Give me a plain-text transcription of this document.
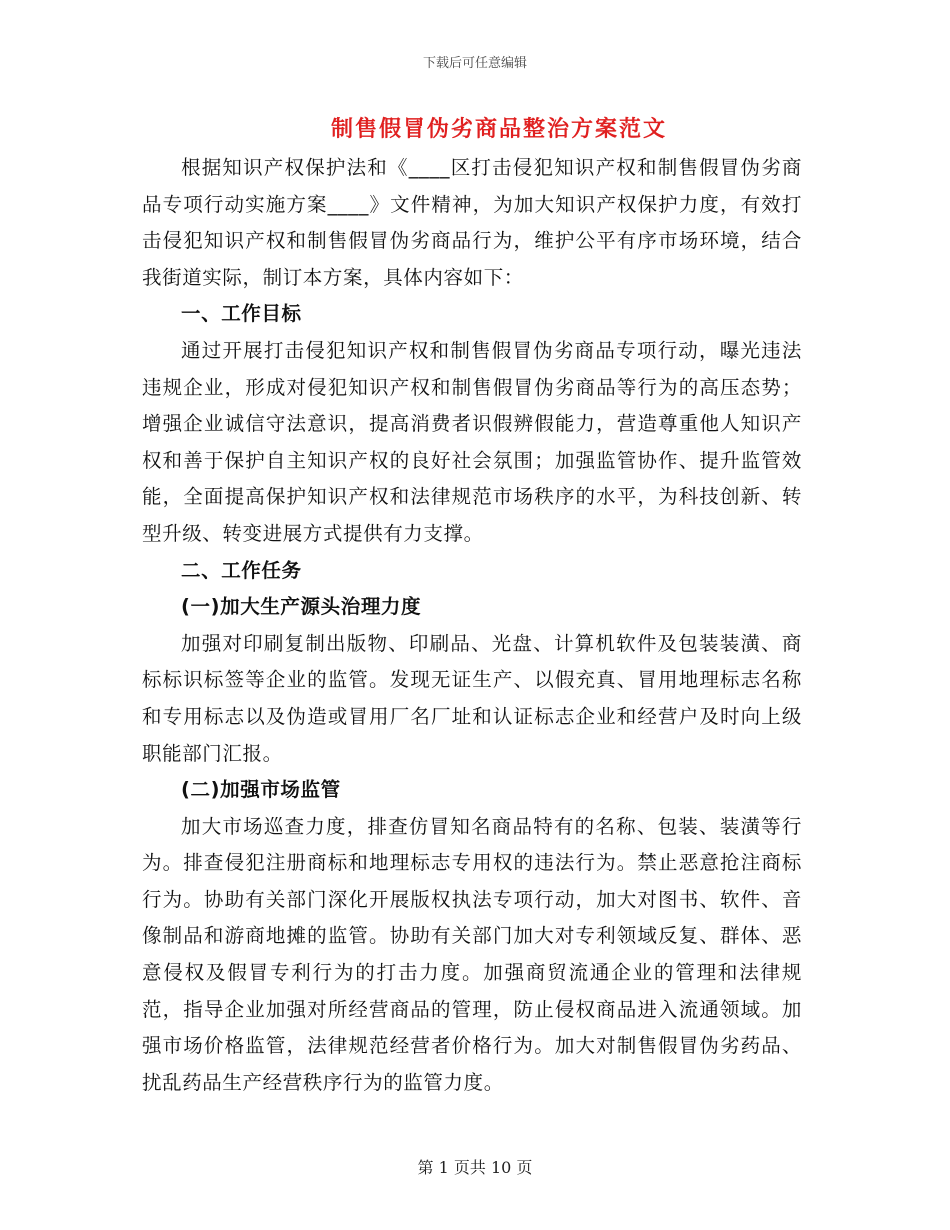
下载后可任意编辑
制售假冒伪劣商品整治方案范文

根据知识产权保护法和《____区打击侵犯知识产权和制售假冒伪劣商品专项行动实施方案____》文件精神，为加大知识产权保护力度，有效打击侵犯知识产权和制售假冒伪劣商品行为，维护公平有序市场环境，结合我街道实际，制订本方案，具体内容如下：

一、工作目标

通过开展打击侵犯知识产权和制售假冒伪劣商品专项行动，曝光违法违规企业，形成对侵犯知识产权和制售假冒伪劣商品等行为的高压态势；增强企业诚信守法意识，提高消费者识假辨假能力，营造尊重他人知识产权和善于保护自主知识产权的良好社会氛围；加强监管协作、提升监管效能，全面提高保护知识产权和法律规范市场秩序的水平，为科技创新、转型升级、转变进展方式提供有力支撑。

二、工作任务

(一)加大生产源头治理力度

加强对印刷复制出版物、印刷品、光盘、计算机软件及包装装潢、商标标识标签等企业的监管。发现无证生产、以假充真、冒用地理标志名称和专用标志以及伪造或冒用厂名厂址和认证标志企业和经营户及时向上级职能部门汇报。

(二)加强市场监管

加大市场巡查力度，排查仿冒知名商品特有的名称、包装、装潢等行为。排查侵犯注册商标和地理标志专用权的违法行为。禁止恶意抢注商标行为。协助有关部门深化开展版权执法专项行动，加大对图书、软件、音像制品和游商地摊的监管。协助有关部门加大对专利领域反复、群体、恶意侵权及假冒专利行为的打击力度。加强商贸流通企业的管理和法律规范，指导企业加强对所经营商品的管理，防止侵权商品进入流通领域。加强市场价格监管，法律规范经营者价格行为。加大对制售假冒伪劣药品、扰乱药品生产经营秩序行为的监管力度。

第 1 页共 10 页
